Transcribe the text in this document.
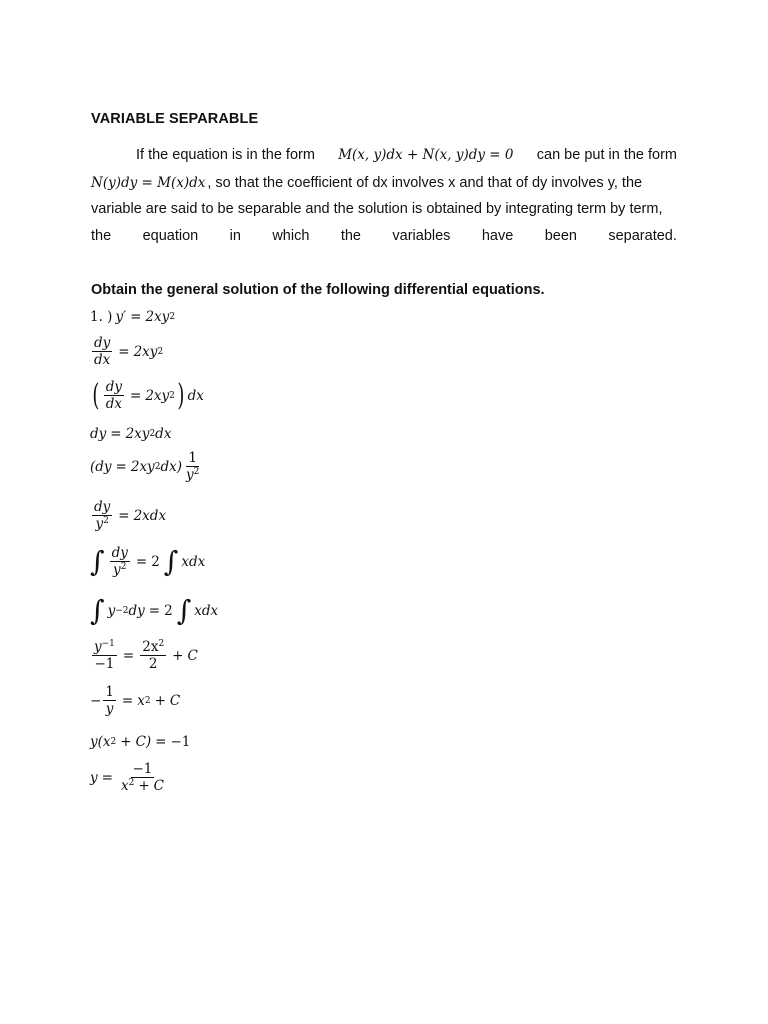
VARIABLE SEPARABLE
If the equation is in the form M(x, y)dx + N(x, y)dy = 0 can be put in the form
N(y)dy = M(x)dx , so that the coefficient of dx involves x and that of dy involves y, the
variable are said to be separable and the solution is obtained by integrating term by term,
the equation in which the variables have been separated.
Obtain the general solution of the following differential equations.
1. ) y′ = 2xy 2
$\frac{dy}{dx} = 2xy$ 2
( $\frac{dy}{dx} = 2xy$ 2 ) dx
dy = 2xy 2 dx
(dy = 2xy 2 $dx) \frac{1}{y^2}$
$\frac{dy}{y^2} = 2xdx$
∫ $\frac{dy}{y^2} = 2$ ∫ xdx
∫ y −2 dy = 2 ∫ xdx
$\frac{y^{-1}}{-1} = \frac{2x^2}{2} + C$
− $\frac{1}{y} = x$ 2 + C
y(x 2 + C) = −1
$y = \frac{-1}{x^2 + C}$
